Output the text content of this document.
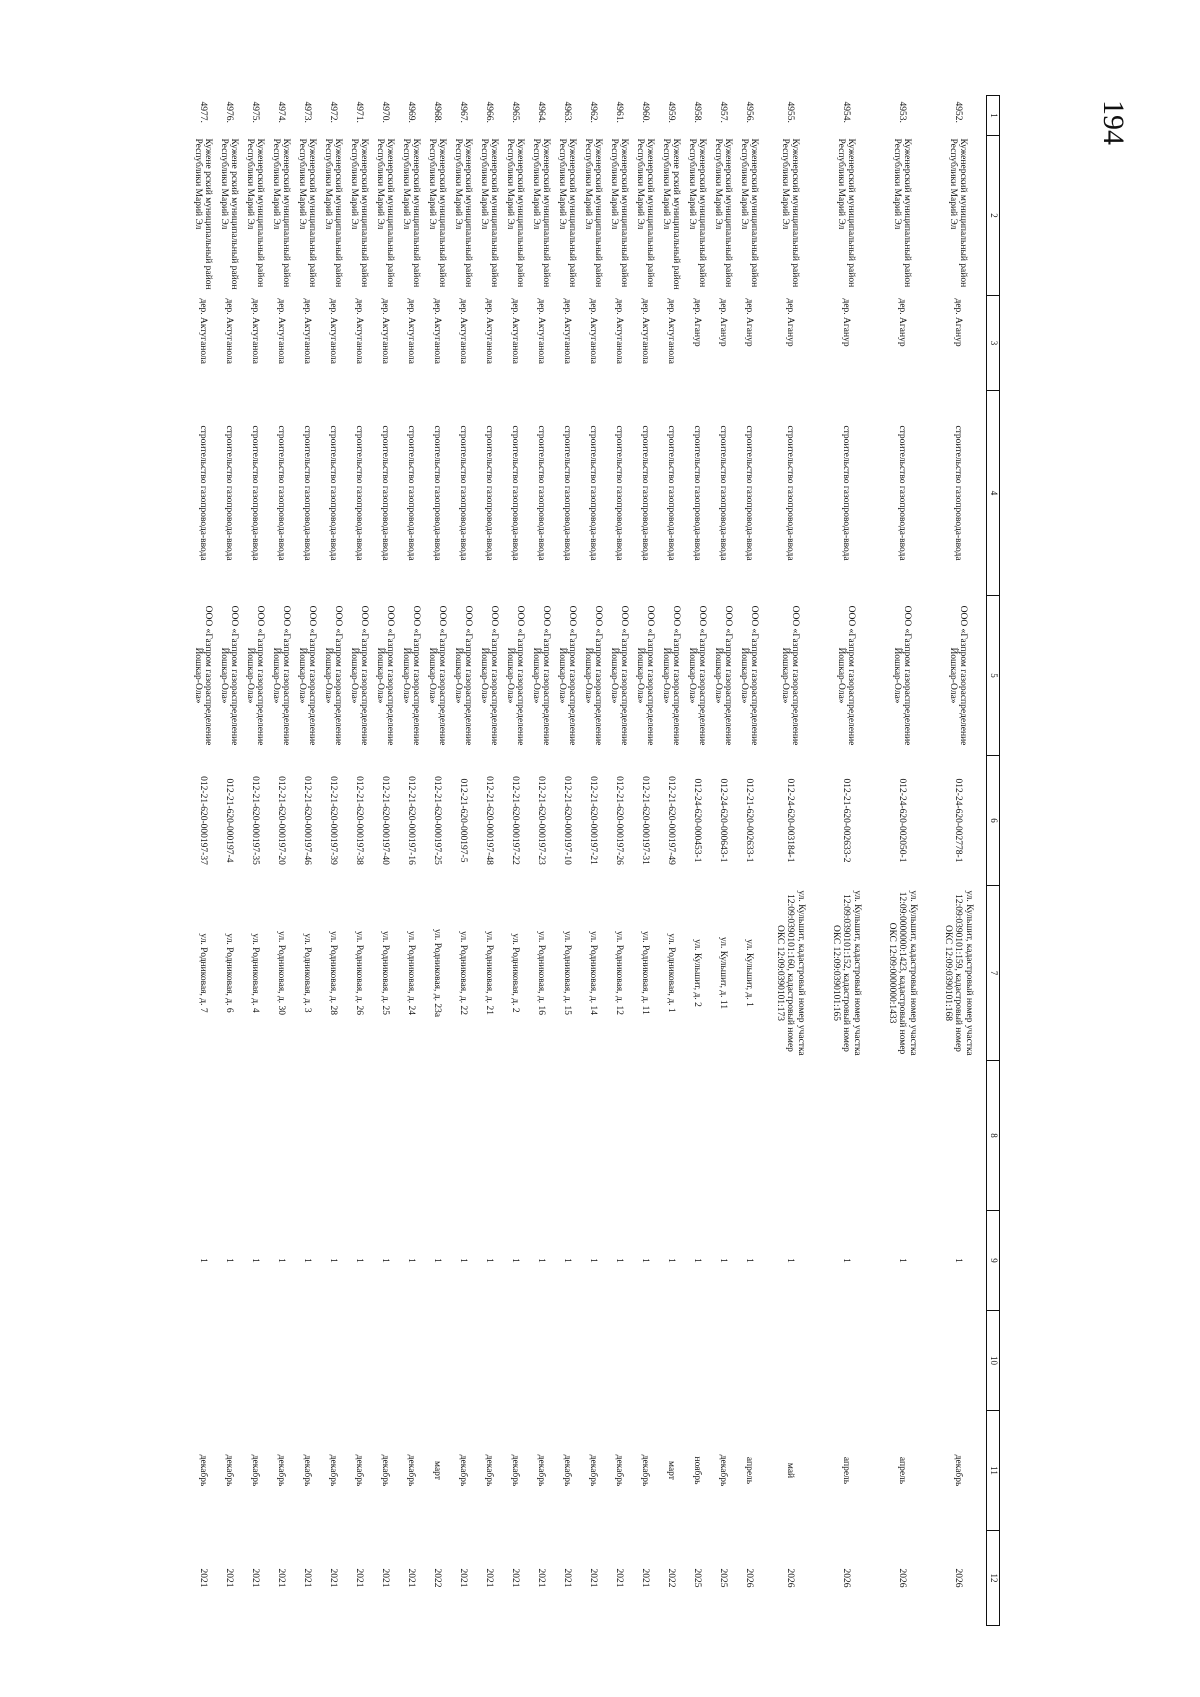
194
1	2	3	4	5	6	7	8	9	10	11	12
4952.	Куженерский муниципальный район Республики Марий Эл	дер. Агануp	строительство газопровода-ввода	ООО «Газпром газораспределение Йошкар-Ола»	012-24-620-002778-1	ул. Кульшит, кадастровый номер участка 12:09:0390101:159, кадастровый номер ОКС 12:09:0390101:168		1		декабрь	2026
4953.	Куженерский муниципальный район Республики Марий Эл	дер. Агануp	строительство газопровода-ввода	ООО «Газпром газораспределение Йошкар-Ола»	012-24-620-002050-1	ул. Кульшит, кадастровый номер участка 12:09:0000000:1423, кадастровый номер ОКС 12:09:0000000:1433		1		апрель	2026
4954.	Куженерский муниципальный район Республики Марий Эл	дер. Агануp	строительство газопровода-ввода	ООО «Газпром газораспределение Йошкар-Ола»	012-21-620-002633-2	ул. Кульшит, кадастровый номер участка 12:09:0390101:152, кадастровый номер ОКС 12:09:0390101:165		1		апрель	2026
4955.	Куженерский муниципальный район Республики Марий Эл	дер. Агануp	строительство газопровода-ввода	ООО «Газпром газораспределение Йошкар-Ола»	012-24-620-003184-1	ул. Кульшит, кадастровый номер участка 12:09:0390101:160, кадастровый номер ОКС 12:09:0390101:173		1		май	2026
4956.	Куженерский муниципальный район Республики Марий Эл	дер. Агануp	строительство газопровода-ввода	ООО «Газпром газораспределение Йошкар-Ола»	012-21-620-002633-1	ул. Кульшит, д. 1		1		апрель	2026
4957.	Куженерский муниципальный район Республики Марий Эл	дер. Агануp	строительство газопровода-ввода	ООО «Газпром газораспределение Йошкар-Ола»	012-24-620-000643-1	ул. Кульшит, д. 11		1		декабрь	2025
4958.	Куженерский муниципальный район Республики Марий Эл	дер. Агануp	строительство газопровода-ввода	ООО «Газпром газораспределение Йошкар-Ола»	012-24-620-000453-1	ул. Кульшит, д. 2		1		ноябрь	2025
4959.	Кужене рский муниципальный район Республики Марий Эл	дер. Актуганола	строительство газопровода-ввода	ООО «Газпром газораспределение Йошкар-Ола»	012-21-620-000197-49	ул. Родниковая, д. 1		1		март	2022
4960.	Куженерский муниципальный район Республики Марий Эл	дер. Актуганола	строительство газопровода-ввода	ООО «Газпром газораспределение Йошкар-Ола»	012-21-620-000197-31	ул. Родниковая, д. 11		1		декабрь	2021
4961.	Куженерский муниципальный район Республики Марий Эл	дер. Актуганола	строительство газопровода-ввода	ООО «Газпром газораспределение Йошкар-Ола»	012-21-620-000197-26	ул. Родниковая, д. 12		1		декабрь	2021
4962.	Куженерский муниципальный район Республики Марий Эл	дер. Актуганола	строительство газопровода-ввода	ООО «Газпром газораспределение Йошкар-Ола»	012-21-620-000197-21	ул. Родниковая, д. 14		1		декабрь	2021
4963.	Куженерский муниципальный район Республики Марий Эл	дер. Актуганола	строительство газопровода-ввода	ООО «Газпром газораспределение Йошкар-Ола»	012-21-620-000197-10	ул. Родниковая, д. 15		1		декабрь	2021
4964.	Куженерский муниципальный район Республики Марий Эл	дер. Актуганола	строительство газопровода-ввода	ООО «Газпром газораспределение Йошкар-Ола»	012-21-620-000197-23	ул. Родниковая, д. 16		1		декабрь	2021
4965.	Куженерский муниципальный район Республики Марий Эл	дер. Актуганола	строительство газопровода-ввода	ООО «Газпром газораспределение Йошкар-Ола»	012-21-620-000197-22	ул. Родниковая, д. 2		1		декабрь	2021
4966.	Куженерский муниципальный район Республики Марий Эл	дер. Актуганола	строительство газопровода-ввода	ООО «Газпром газораспределение Йошкар-Ола»	012-21-620-000197-48	ул. Родниковая, д. 21		1		декабрь	2021
4967.	Куженерский муниципальный район Республики Марий Эл	дер. Актуганола	строительство газопровода-ввода	ООО «Газпром газораспределение Йошкар-Ола»	012-21-620-000197-5	ул. Родниковая, д. 22		1		декабрь	2021
4968.	Куженерский муниципальный район Республики Марий Эл	дер. Актуганола	строительство газопровода-ввода	ООО «Газпром газораспределение Йошкар-Ола»	012-21-620-000197-25	ул. Родниковая, д. 23а		1		март	2022
4969.	Куженерский муниципальный район Республики Марий Эл	дер. Актуганола	строительство газопровода-ввода	ООО «Газпром газораспределение Йошкар-Ола»	012-21-620-000197-16	ул. Родниковая, д. 24		1		декабрь	2021
4970.	Куженерский муниципальный район Республики Марий Эл	дер. Актуганола	строительство газопровода-ввода	ООО «Газпром газораспределение Йошкар-Ола»	012-21-620-000197-40	ул. Родниковая, д. 25		1		декабрь	2021
4971.	Куженерский муниципальный район Республики Марий Эл	дер. Актуганола	строительство газопровода-ввода	ООО «Газпром газораспределение Йошкар-Ола»	012-21-620-000197-38	ул. Родниковая, д. 26		1		декабрь	2021
4972.	Куженерский муниципальный район Республики Марий Эл	дер. Актуганола	строительство газопровода-ввода	ООО «Газпром газораспределение Йошкар-Ола»	012-21-620-000197-39	ул. Родниковая, д. 28		1		декабрь	2021
4973.	Куженерский муниципальный район Республики Марий Эл	дер. Актуганола	строительство газопровода-ввода	ООО «Газпром газораспределение Йошкар-Ола»	012-21-620-000197-46	ул. Родниковая, д. 3		1		декабрь	2021
4974.	Куженерский муниципальный район Республики Марий Эл	дер. Актуганола	строительство газопровода-ввода	ООО «Газпром газораспределение Йошкар-Ола»	012-21-620-000197-20	ул. Родниковая, д. 30		1		декабрь	2021
4975.	Куженерский муниципальный район Республики Марий Эл	дер. Актуганола	строительство газопровода-ввода	ООО «Газпром газораспределение Йошкар-Ола»	012-21-620-000197-35	ул. Родниковая, д. 4		1		декабрь	2021
4976.	Кужене рский муниципальный район Республики Марий Эл	дер. Актуганола	строительство газопровода-ввода	ООО «Газпром газораспределение Йошкар-Ола»	012-21-620-000197-4	ул. Родниковая, д. 6		1		декабрь	2021
4977.	Кужене рский муниципальный район Республики Марий Эл	дер. Актуганола	строительство газопровода-ввода	ООО «Газпром газораспределение Йошкар-Ола»	012-21-620-000197-37	ул. Родниковая, д. 7		1		декабрь	2021
